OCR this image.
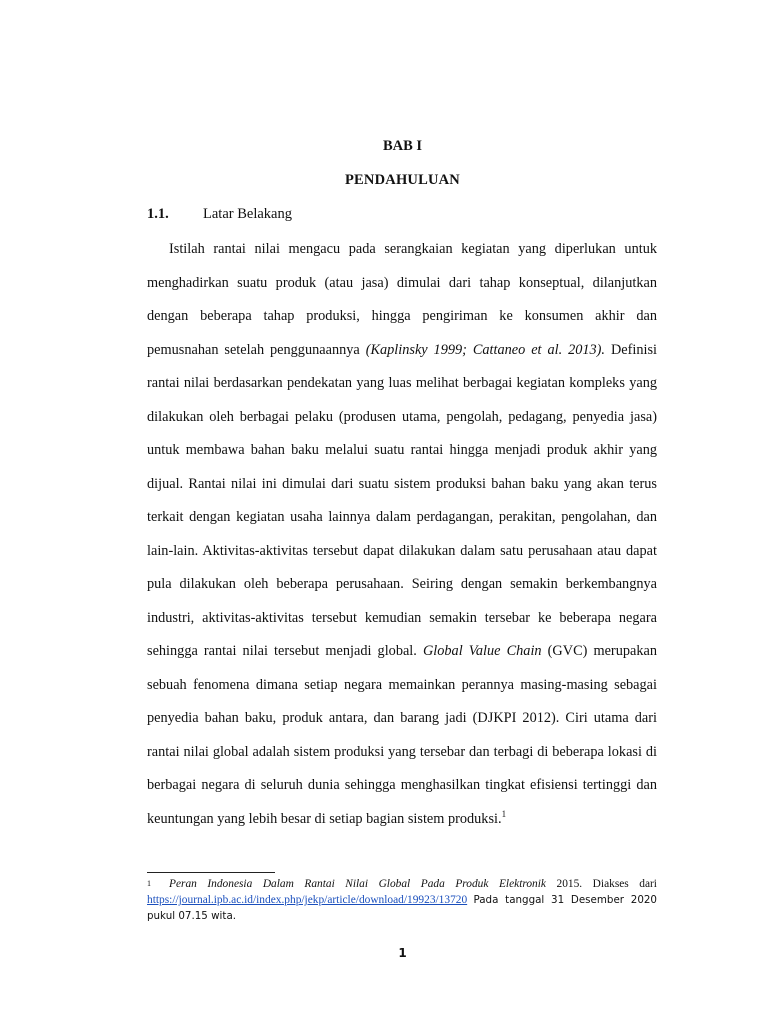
BAB I
PENDAHULUAN
1.1. Latar Belakang

Istilah rantai nilai mengacu pada serangkaian kegiatan yang diperlukan untuk menghadirkan suatu produk (atau jasa) dimulai dari tahap konseptual, dilanjutkan dengan beberapa tahap produksi, hingga pengiriman ke konsumen akhir dan pemusnahan setelah penggunaannya (Kaplinsky 1999; Cattaneo et al. 2013). Definisi rantai nilai berdasarkan pendekatan yang luas melihat berbagai kegiatan kompleks yang dilakukan oleh berbagai pelaku (produsen utama, pengolah, pedagang, penyedia jasa) untuk membawa bahan baku melalui suatu rantai hingga menjadi produk akhir yang dijual. Rantai nilai ini dimulai dari suatu sistem produksi bahan baku yang akan terus terkait dengan kegiatan usaha lainnya dalam perdagangan, perakitan, pengolahan, dan lain-lain. Aktivitas-aktivitas tersebut dapat dilakukan dalam satu perusahaan atau dapat pula dilakukan oleh beberapa perusahaan. Seiring dengan semakin berkembangnya industri, aktivitas-aktivitas tersebut kemudian semakin tersebar ke beberapa negara sehingga rantai nilai tersebut menjadi global. Global Value Chain (GVC) merupakan sebuah fenomena dimana setiap negara memainkan perannya masing-masing sebagai penyedia bahan baku, produk antara, dan barang jadi (DJKPI 2012). Ciri utama dari rantai nilai global adalah sistem produksi yang tersebar dan terbagi di beberapa lokasi di berbagai negara di seluruh dunia sehingga menghasilkan tingkat efisiensi tertinggi dan keuntungan yang lebih besar di setiap bagian sistem produksi.$^1$

1 Peran Indonesia Dalam Rantai Nilai Global Pada Produk Elektronik 2015. Diakses dari https://journal.ipb.ac.id/index.php/jekp/article/download/19923/13720 Pada tanggal 31 Desember 2020 pukul 07.15 wita.
1
